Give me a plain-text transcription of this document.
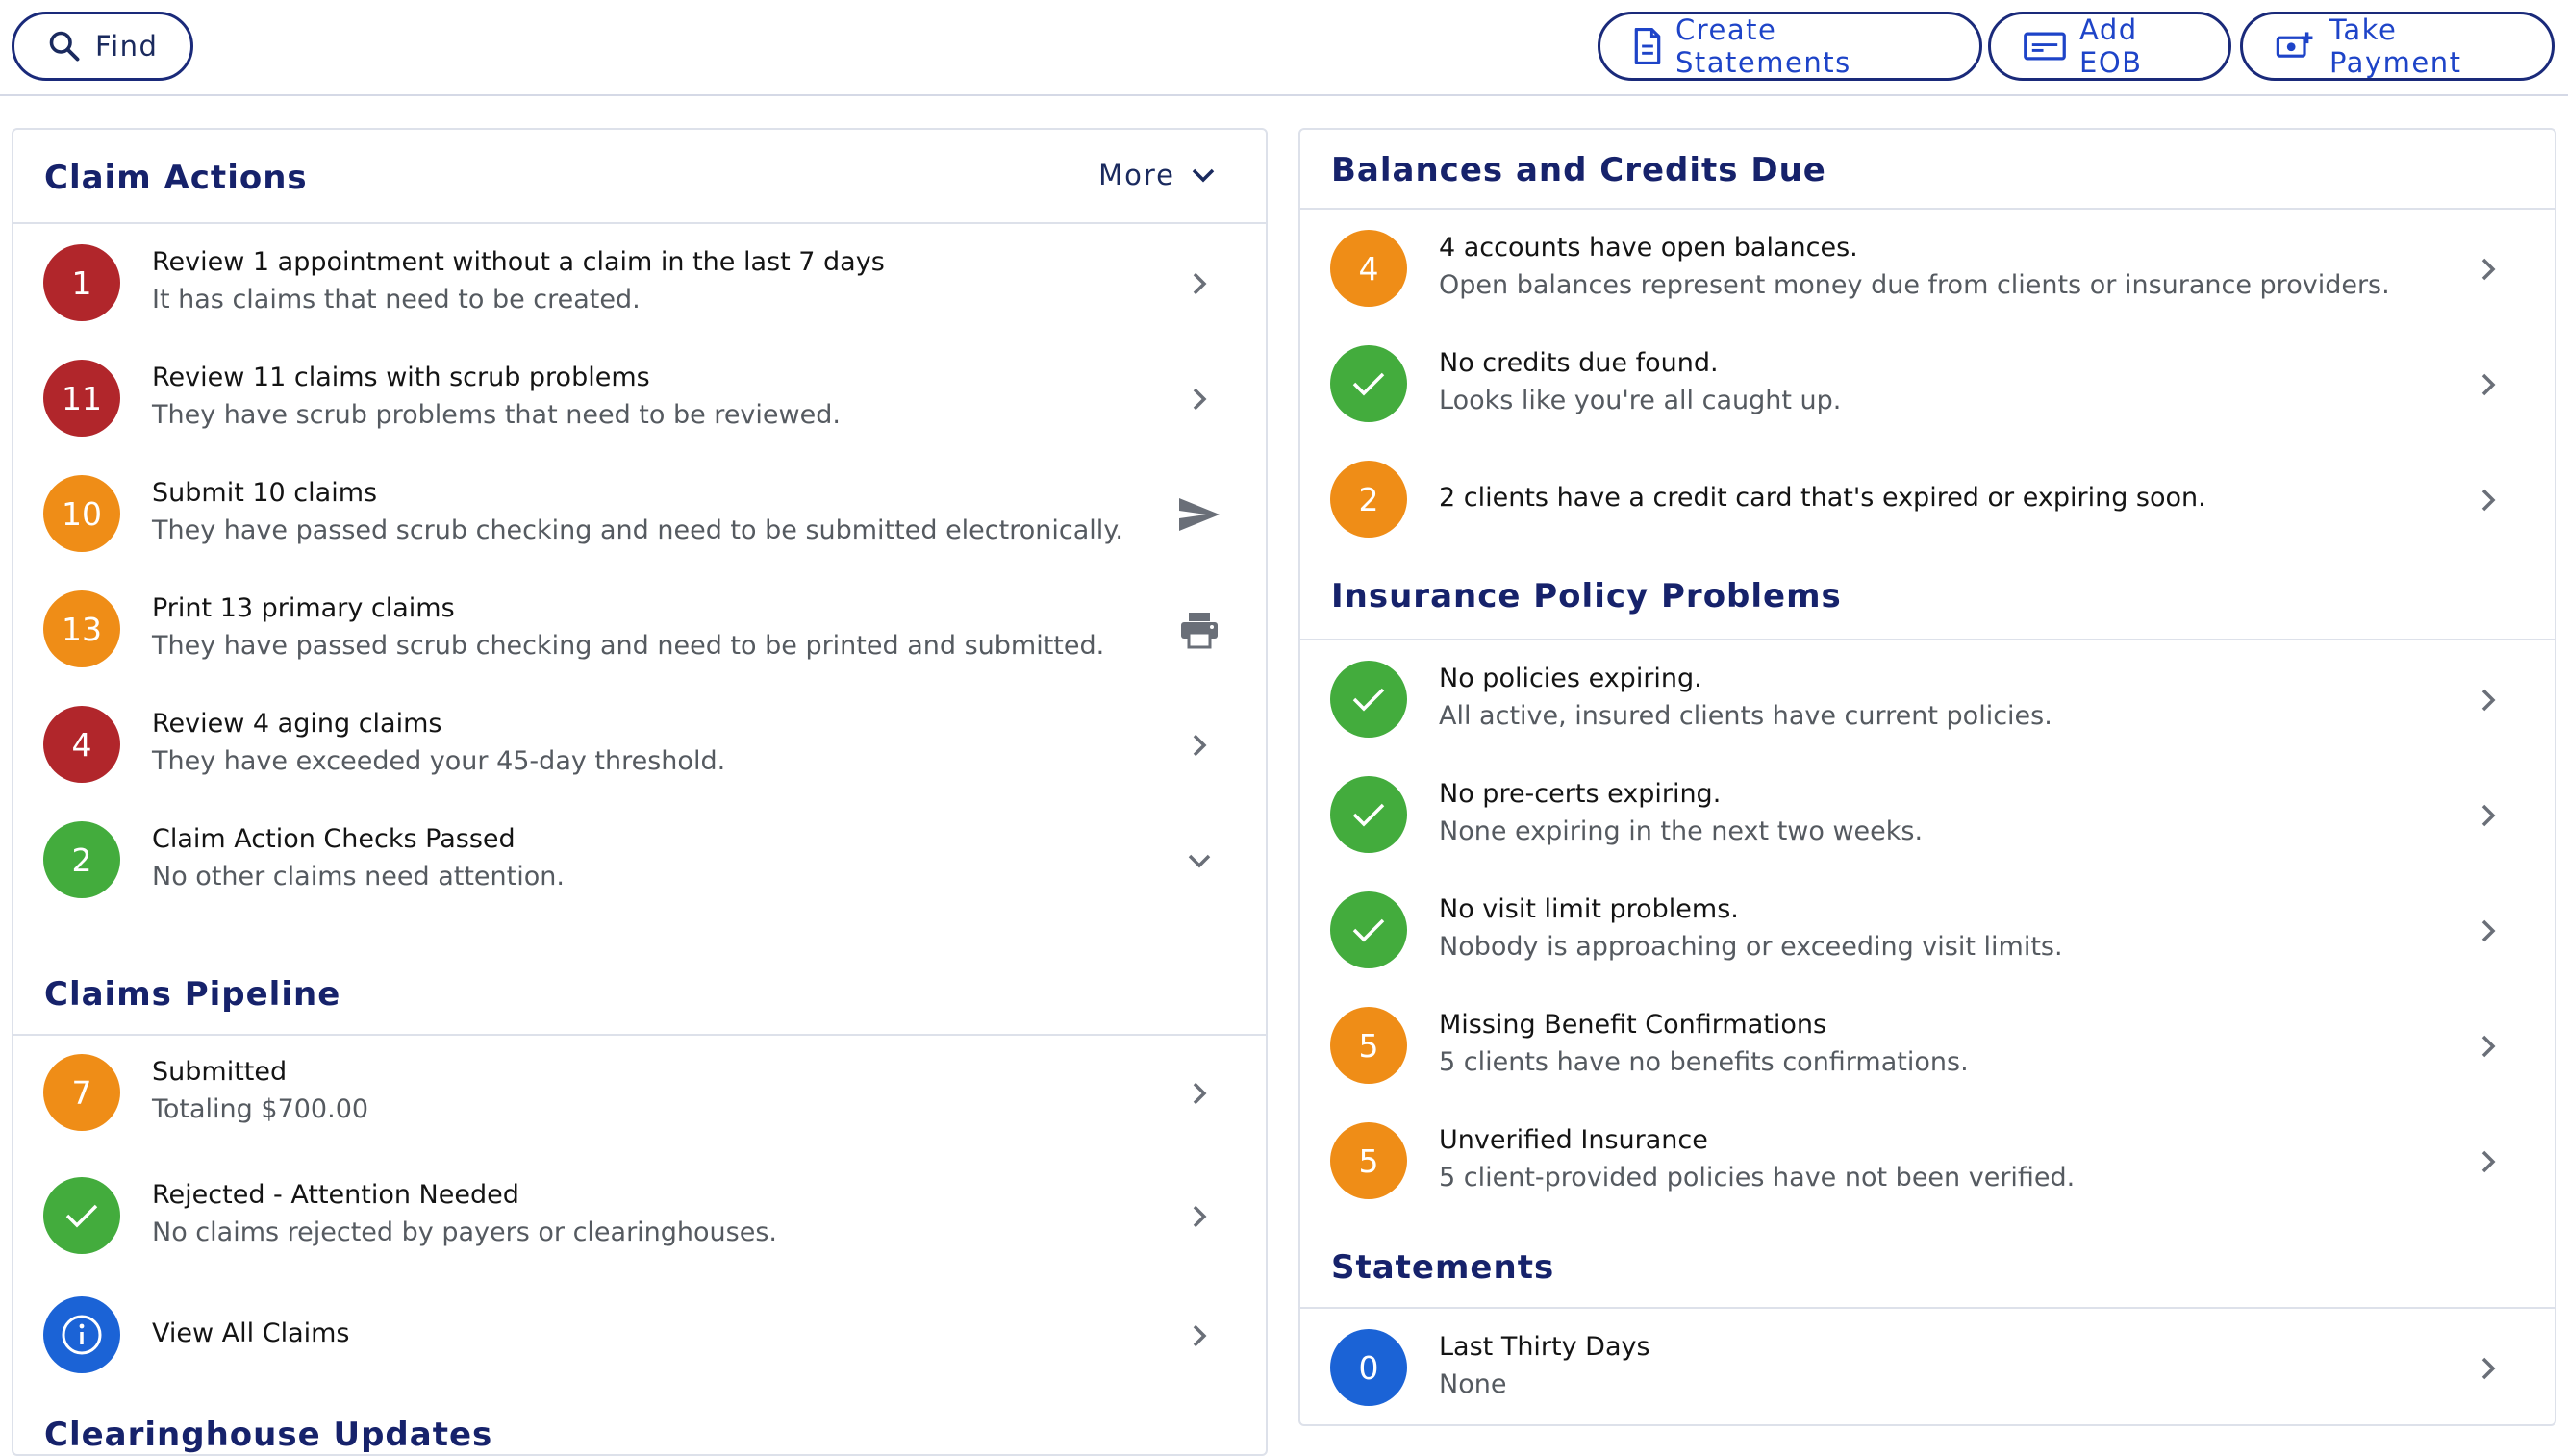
Find	Create Statements
Add EOB
Take Payment
Claim Actions	More
1
Review 1 appointment without a claim in the last 7 days
It has claims that need to be created.
11
Review 11 claims with scrub problems
They have scrub problems that need to be reviewed.
10
Submit 10 claims
They have passed scrub checking and need to be submitted electronically.
13
Print 13 primary claims
They have passed scrub checking and need to be printed and submitted.
4
Review 4 aging claims
They have exceeded your 45-day threshold.
2
Claim Action Checks Passed
No other claims need attention.
Claims Pipeline
7
Submitted
Totaling $700.00
Rejected - Attention Needed
No claims rejected by payers or clearinghouses.
View All Claims
Clearinghouse Updates
Balances and Credits Due
4
4 accounts have open balances.
Open balances represent money due from clients or insurance providers.
No credits due found.
Looks like you're all caught up.
2	2 clients have a credit card that's expired or expiring soon.
Insurance Policy Problems
No policies expiring.
All active, insured clients have current policies.
No pre-certs expiring.
None expiring in the next two weeks.
No visit limit problems.
Nobody is approaching or exceeding visit limits.
5
Missing Benefit Confirmations
5 clients have no benefits confirmations.
5
Unverified Insurance
5 client-provided policies have not been verified.
Statements
0
Last Thirty Days
None
